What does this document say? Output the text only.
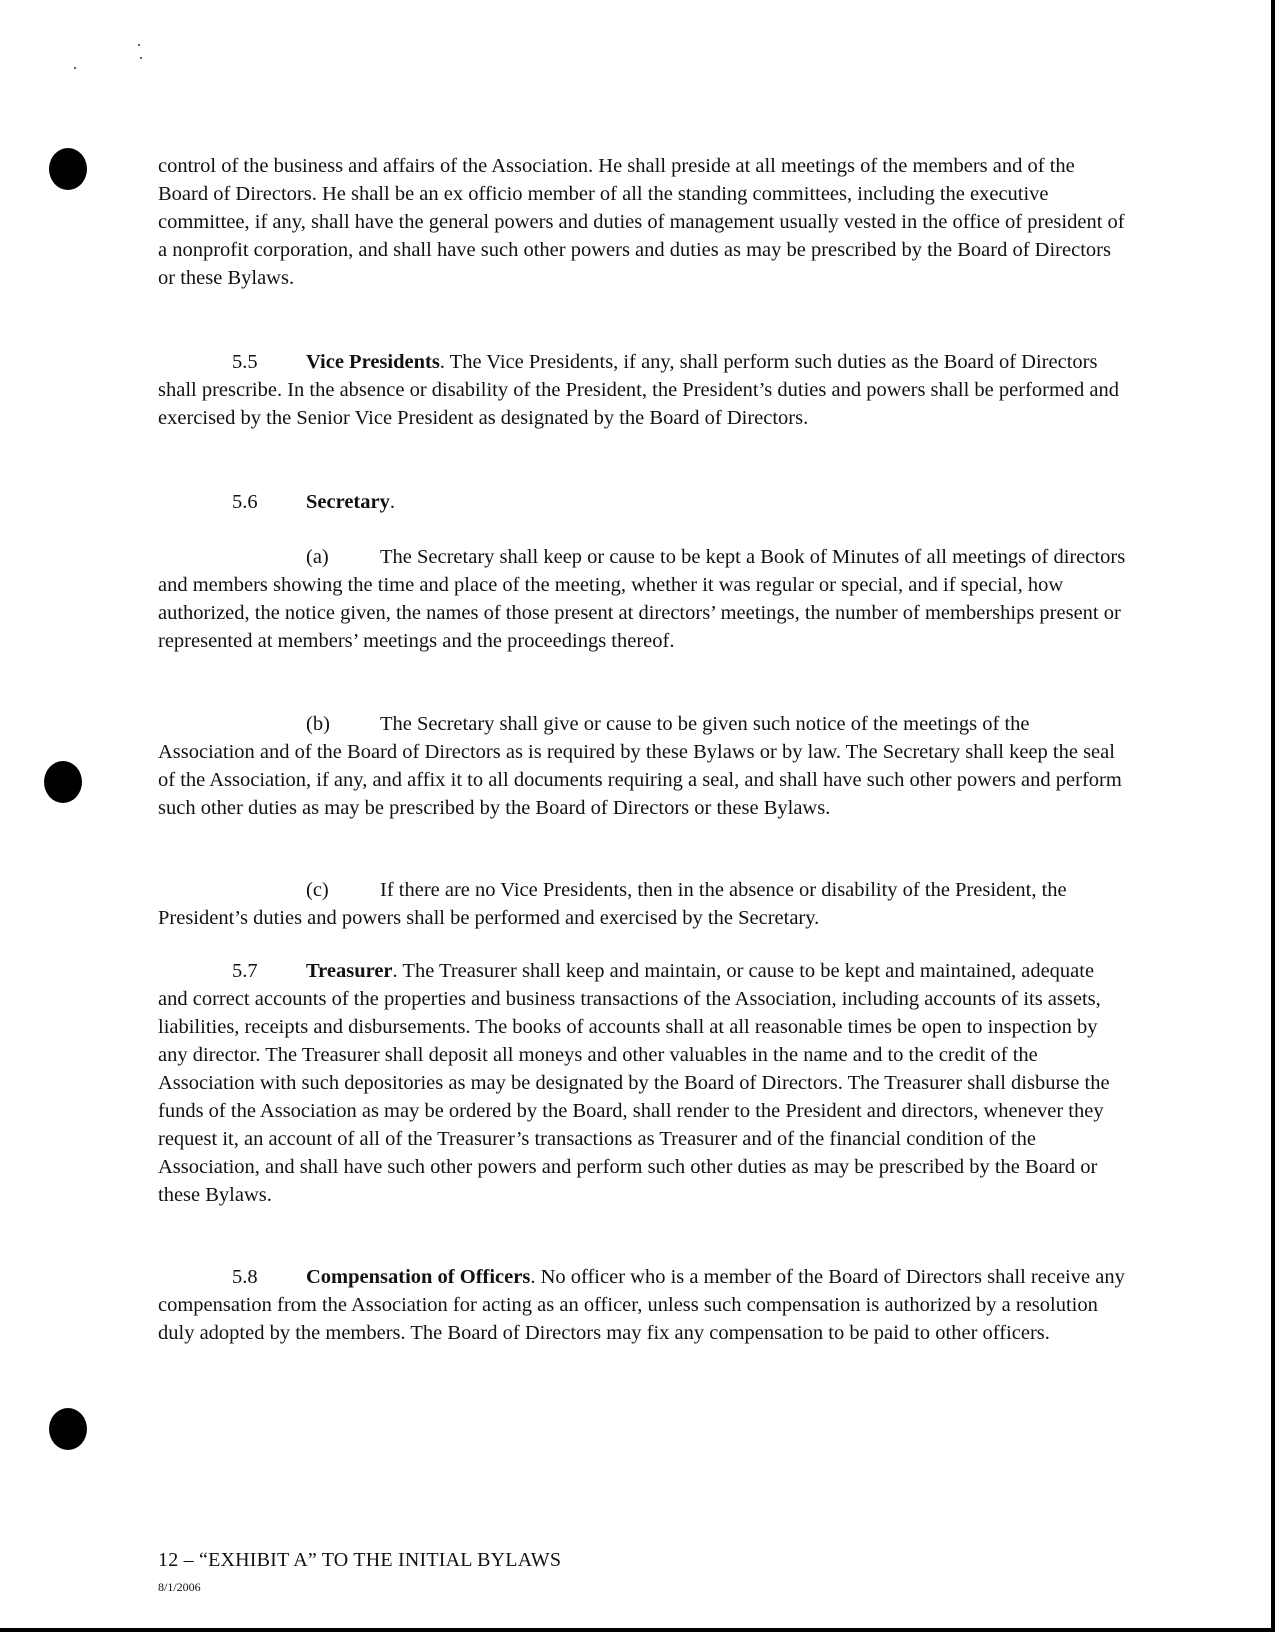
control of the business and affairs of the Association. He shall preside at all meetings of the members and of the Board of Directors. He shall be an ex officio member of all the standing committees, including the executive committee, if any, shall have the general powers and duties of management usually vested in the office of president of a nonprofit corporation, and shall have such other powers and duties as may be prescribed by the Board of Directors or these Bylaws.

5.5 Vice Presidents. The Vice Presidents, if any, shall perform such duties as the Board of Directors shall prescribe. In the absence or disability of the President, the President’s duties and powers shall be performed and exercised by the Senior Vice President as designated by the Board of Directors.

5.6 Secretary.

(a) The Secretary shall keep or cause to be kept a Book of Minutes of all meetings of directors and members showing the time and place of the meeting, whether it was regular or special, and if special, how authorized, the notice given, the names of those present at directors’ meetings, the number of memberships present or represented at members’ meetings and the proceedings thereof.

(b) The Secretary shall give or cause to be given such notice of the meetings of the Association and of the Board of Directors as is required by these Bylaws or by law. The Secretary shall keep the seal of the Association, if any, and affix it to all documents requiring a seal, and shall have such other powers and perform such other duties as may be prescribed by the Board of Directors or these Bylaws.

(c) If there are no Vice Presidents, then in the absence or disability of the President, the President’s duties and powers shall be performed and exercised by the Secretary.

5.7 Treasurer. The Treasurer shall keep and maintain, or cause to be kept and maintained, adequate and correct accounts of the properties and business transactions of the Association, including accounts of its assets, liabilities, receipts and disbursements. The books of accounts shall at all reasonable times be open to inspection by any director. The Treasurer shall deposit all moneys and other valuables in the name and to the credit of the Association with such depositories as may be designated by the Board of Directors. The Treasurer shall disburse the funds of the Association as may be ordered by the Board, shall render to the President and directors, whenever they request it, an account of all of the Treasurer’s transactions as Treasurer and of the financial condition of the Association, and shall have such other powers and perform such other duties as may be prescribed by the Board or these Bylaws.

5.8 Compensation of Officers. No officer who is a member of the Board of Directors shall receive any compensation from the Association for acting as an officer, unless such compensation is authorized by a resolution duly adopted by the members. The Board of Directors may fix any compensation to be paid to other officers.

12 – “EXHIBIT A” TO THE INITIAL BYLAWS
8/1/2006
